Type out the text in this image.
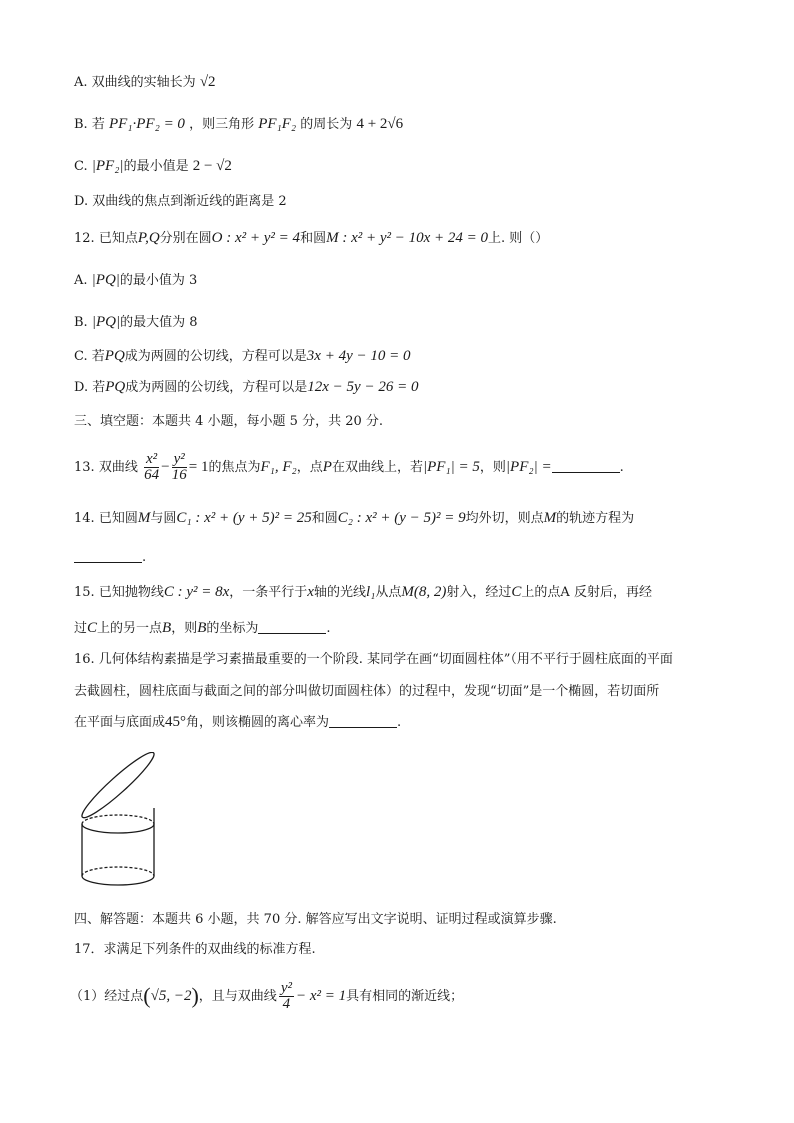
A. 双曲线的实轴长为 √2
B. 若 PF₁·PF₂ = 0 ，则三角形 PF₁F₂ 的周长为 4 + 2√6
C. |PF₂|的最小值是 2 − √2
D. 双曲线的焦点到渐近线的距离是 2
12. 已知点P,Q分别在圆O : x² + y² = 4和圆M : x² + y² − 10x + 24 = 0上. 则（）
A. |PQ|的最小值为 3
B. |PQ|的最大值为 8
C. 若PQ成为两圆的公切线，方程可以是3x + 4y − 10 = 0
D. 若PQ成为两圆的公切线，方程可以是12x − 5y − 26 = 0
三、填空题：本题共 4 小题，每小题 5 分，共 20 分.
13. 双曲线 $\frac{\text{x²}}{64} - \frac{\text{y²}}{16} = 1$的焦点为F₁, F₂，点P在双曲线上，若|PF₁| = 5，则|PF₂| =	.
14. 已知圆M与圆C₁ : x² + (y + 5)² = 25和圆C₂ : x² + (y − 5)² = 9均外切，则点M的轨迹方程为
.
15. 已知抛物线C : y² = 8x，一条平行于x轴的光线l₁从点M(8, 2)射入，经过C上的点A 反射后，再经
过C上的另一点B，则B的坐标为	.
16. 几何体结构素描是学习素描最重要的一个阶段. 某同学在画“切面圆柱体”（用不平行于圆柱底面的平面
去截圆柱，圆柱底面与截面之间的部分叫做切面圆柱体）的过程中，发现“切面”是一个椭圆，若切面所
在平面与底面成45°角，则该椭圆的离心率为	.
四、解答题：本题共 6 小题，共 70 分. 解答应写出文字说明、证明过程或演算步骤.
17．求满足下列条件的双曲线的标准方程.
（1）经过点(√5, −2)，且与双曲线 $\frac{\text{y²}}{4} - x^2 = 1$具有相同的渐近线；
